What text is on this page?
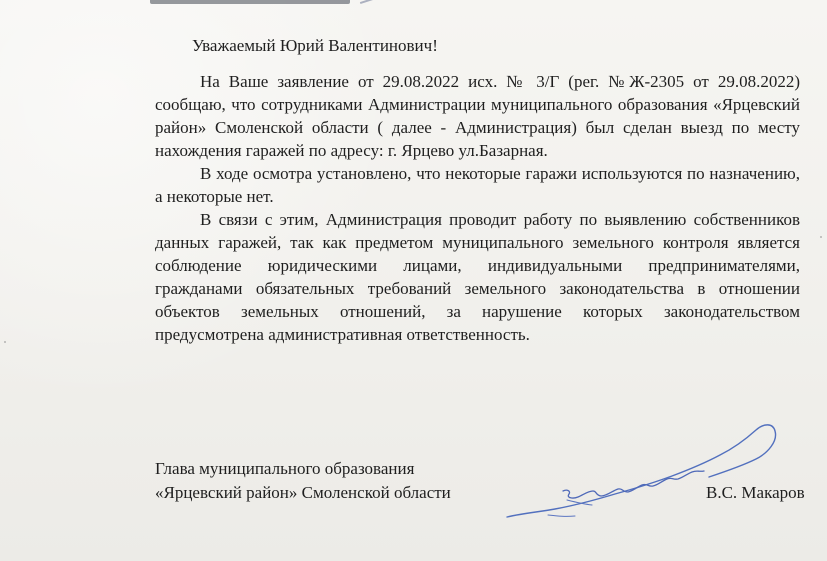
Уважаемый Юрий Валентинович!

На Ваше заявление от 29.08.2022 исх. № 3/Г (рег. №Ж-2305 от 29.08.2022) сообщаю, что сотрудниками Администрации муниципального образования «Ярцевский район» Смоленской области ( далее - Администрация) был сделан выезд по месту нахождения гаражей по адресу: г. Ярцево ул.Базарная.

В ходе осмотра установлено, что некоторые гаражи используются по назначению, а некоторые нет.

В связи с этим, Администрация проводит работу по выявлению собственников данных гаражей, так как предметом муниципального земельного контроля является соблюдение юридическими лицами, индивидуальными предпринимателями, гражданами обязательных требований земельного законодательства в отношении объектов земельных отношений, за нарушение которых законодательством предусмотрена административная ответственность.

Глава муниципального образования
«Ярцевский район» Смоленской области	В.С. Макаров
